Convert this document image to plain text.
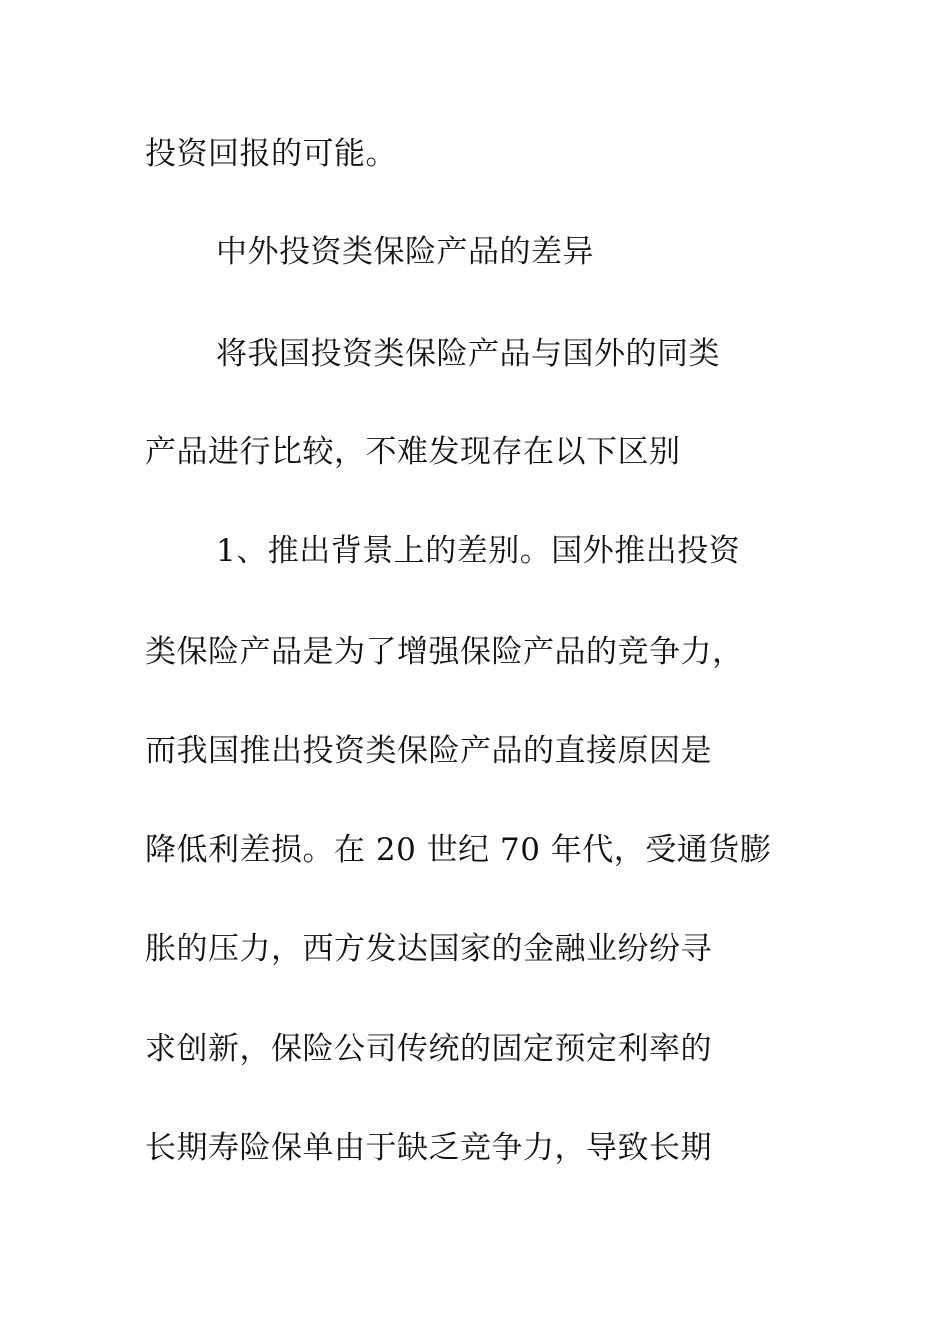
投资回报的可能。
中外投资类保险产品的差异
将我国投资类保险产品与国外的同类
产品进行比较，不难发现存在以下区别
1、推出背景上的差别。国外推出投资
类保险产品是为了增强保险产品的竞争力，
而我国推出投资类保险产品的直接原因是
降低利差损。在 20 世纪 70 年代，受通货膨
胀的压力，西方发达国家的金融业纷纷寻
求创新，保险公司传统的固定预定利率的
长期寿险保单由于缺乏竞争力，导致长期
